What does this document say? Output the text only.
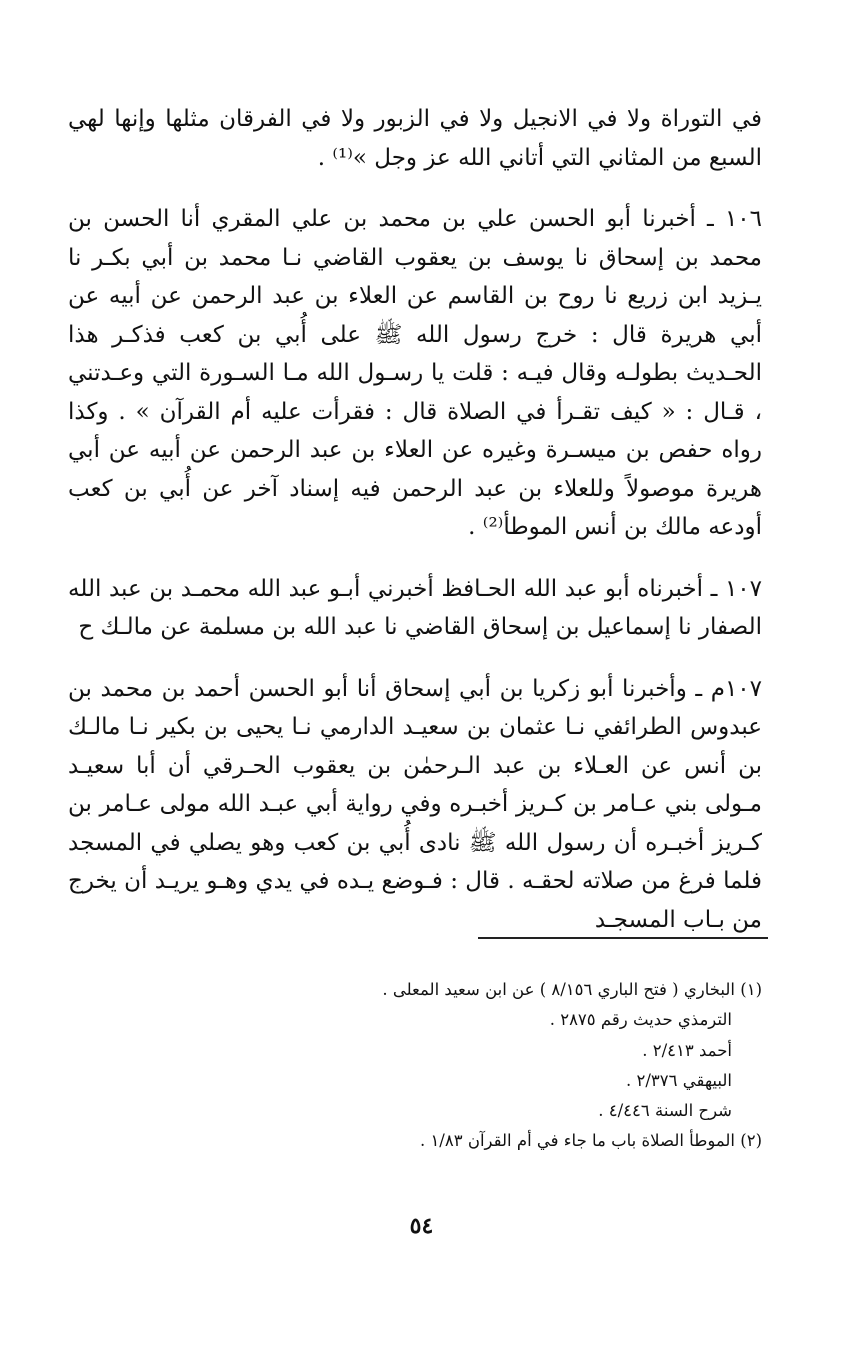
في التوراة ولا في الانجيل ولا في الزبور ولا في الفرقان مثلها وإنها لهي السبع من المثاني التي أتاني الله عز وجل »⁽¹⁾ .

١٠٦ ـ أخبرنا أبو الحسن علي بن محمد بن علي المقري أنا الحسن بن محمد بن إسحاق نا يوسف بن يعقوب القاضي نـا محمد بن أبي بكـر نا يـزيد ابن زريع نا روح بن القاسم عن العلاء بن عبد الرحمن عن أبيه عن أبي هريرة قال : خرج رسول الله ﷺ على أُبي بن كعب فذكـر هذا الحـديث بطولـه وقال فيـه : قلت يا رسـول الله مـا السـورة التي وعـدتني ، قـال : « كيف تقـرأ في الصلاة قال : فقرأت عليه أم القرآن » . وكذا رواه حفص بن ميسـرة وغيره عن العلاء بن عبد الرحمن عن أبيه عن أبي هريرة موصولاً وللعلاء بن عبد الرحمن فيه إسناد آخر عن أُبي بن كعب أودعه مالك بن أنس الموطأ⁽²⁾ .

١٠٧ ـ أخبرناه أبو عبد الله الحـافظ أخبرني أبـو عبد الله محمـد بن عبد الله الصفار نا إسماعيل بن إسحاق القاضي نا عبد الله بن مسلمة عن مالـك ح

١٠٧م ـ وأخبرنا أبو زكريا بن أبي إسحاق أنا أبو الحسن أحمد بن محمد بن عبدوس الطرائفي نـا عثمان بن سعيـد الدارمي نـا يحيى بن بكير نـا مالـك بن أنس عن العـلاء بن عبد الـرحمٰن بن يعقوب الحـرقي أن أبا سعيـد مـولى بني عـامر بن كـريز أخبـره وفي رواية أبي عبـد الله مولى عـامر بن كـريز أخبـره أن رسول الله ﷺ نادى أُبي بن كعب وهو يصلي في المسجد فلما فرغ من صلاته لحقـه . قال : فـوضع يـده في يدي وهـو يريـد أن يخرج من بـاب المسجـد

(١) البخاري ( فتح الباري ٨/١٥٦ ) عن ابن سعيد المعلى .
الترمذي حديث رقم ٢٨٧٥ .
أحمد ٢/٤١٣ .
البيهقي ٢/٣٧٦ .
شرح السنة ٤/٤٤٦ .
(٢) الموطأ الصلاة باب ما جاء في أم القرآن ١/٨٣ .
٥٤
